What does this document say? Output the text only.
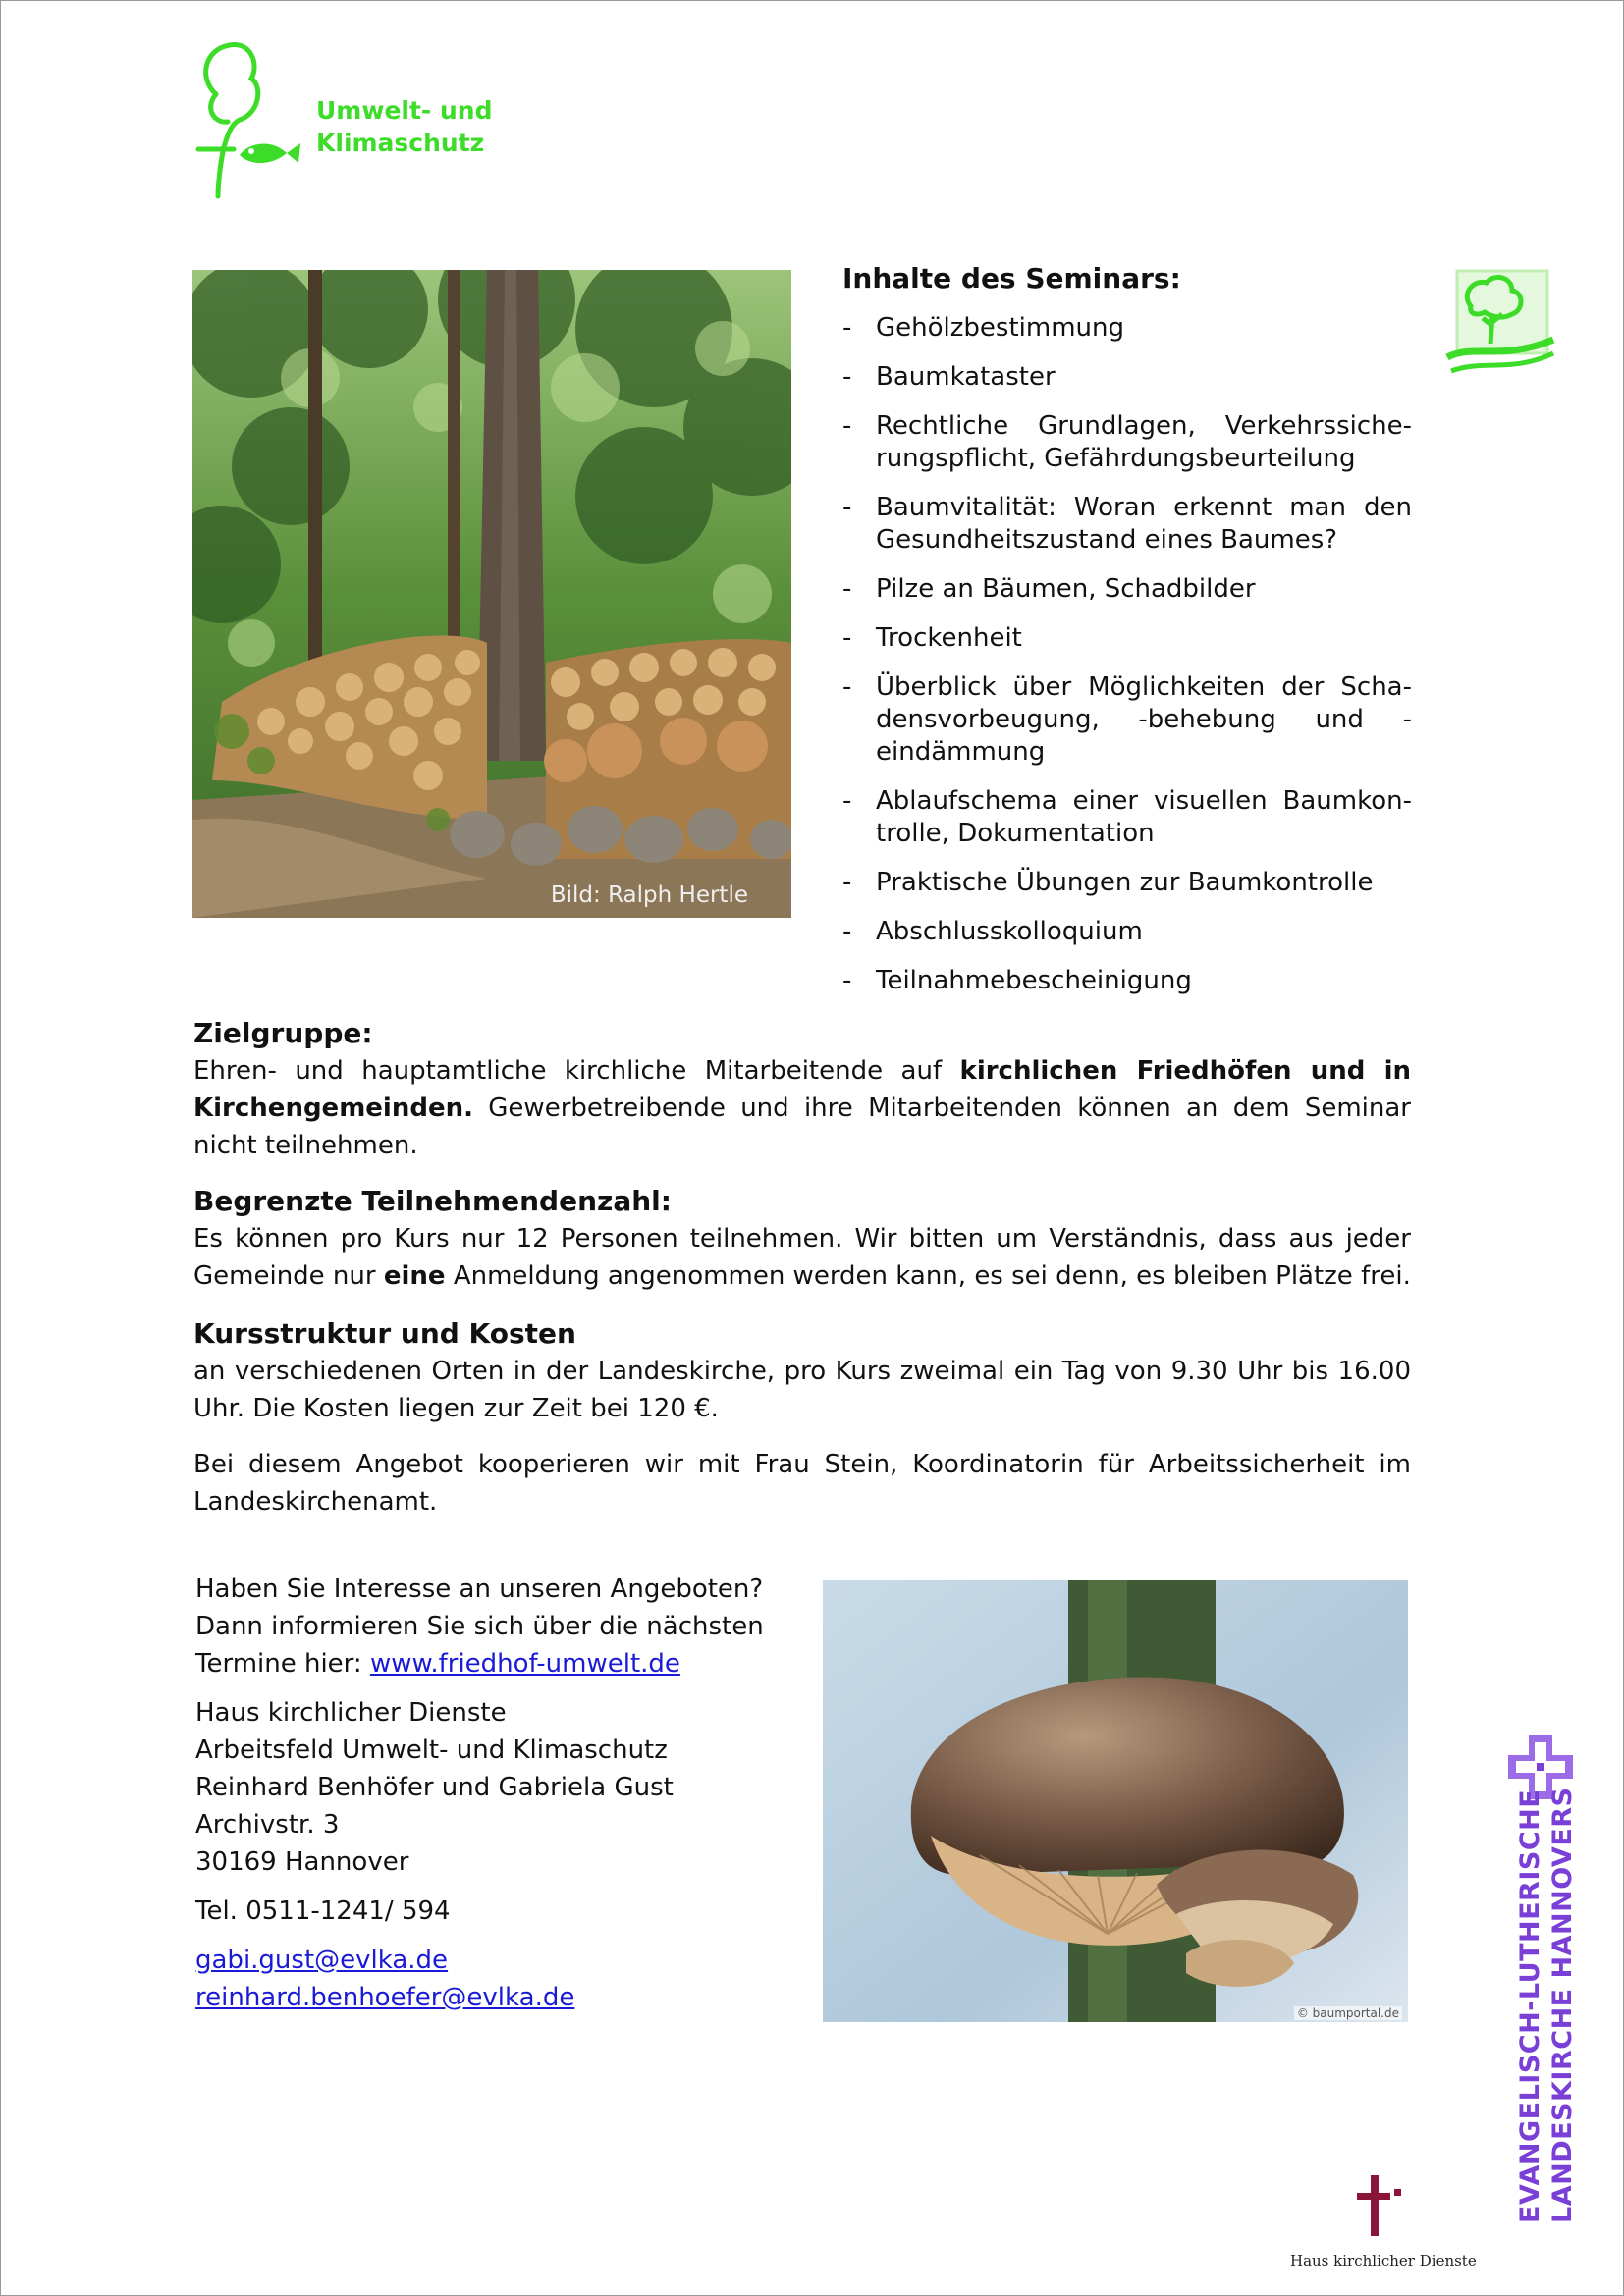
Umwelt- und
Klimaschutz
Bild: Ralph Hertle
Inhalte des Seminars:
- Gehölzbestimmung
- Baumkataster
- Rechtliche Grundlagen, Verkehrssiche-rungspflicht, Gefährdungsbeurteilung
- Baumvitalität: Woran erkennt man den Gesundheitszustand eines Baumes?
- Pilze an Bäumen, Schadbilder
- Trockenheit
- Überblick über Möglichkeiten der Scha-densvorbeugung, -behebung und -eindämmung
- Ablaufschema einer visuellen Baumkon-trolle, Dokumentation
- Praktische Übungen zur Baumkontrolle
- Abschlusskolloquium
- Teilnahmebescheinigung
Zielgruppe:

Ehren- und hauptamtliche kirchliche Mitarbeitende auf kirchlichen Friedhöfen und in Kirchengemeinden. Gewerbetreibende und ihre Mitarbeitenden können an dem Seminar nicht teilnehmen.

Begrenzte Teilnehmendenzahl:

Es können pro Kurs nur 12 Personen teilnehmen. Wir bitten um Verständnis, dass aus jeder Gemeinde nur eine Anmeldung angenommen werden kann, es sei denn, es bleiben Plätze frei.

Kursstruktur und Kosten

an verschiedenen Orten in der Landeskirche, pro Kurs zweimal ein Tag von 9.30 Uhr bis 16.00 Uhr. Die Kosten liegen zur Zeit bei 120 €.

Bei diesem Angebot kooperieren wir mit Frau Stein, Koordinatorin für Arbeitssicherheit im Landeskirchenamt.

Haben Sie Interesse an unseren Angeboten?

Dann informieren Sie sich über die nächsten

Termine hier: www.friedhof-umwelt.de

Haus kirchlicher Dienste

Arbeitsfeld Umwelt- und Klimaschutz

Reinhard Benhöfer und Gabriela Gust

Archivstr. 3

30169 Hannover

Tel. 0511-1241/ 594

gabi.gust@evlka.de

reinhard.benhoefer@evlka.de

© baumportal.de	EVANGELISCH-LUTHERISCHE LANDESKIRCHE HANNOVERS
Haus kirchlicher Dienste
